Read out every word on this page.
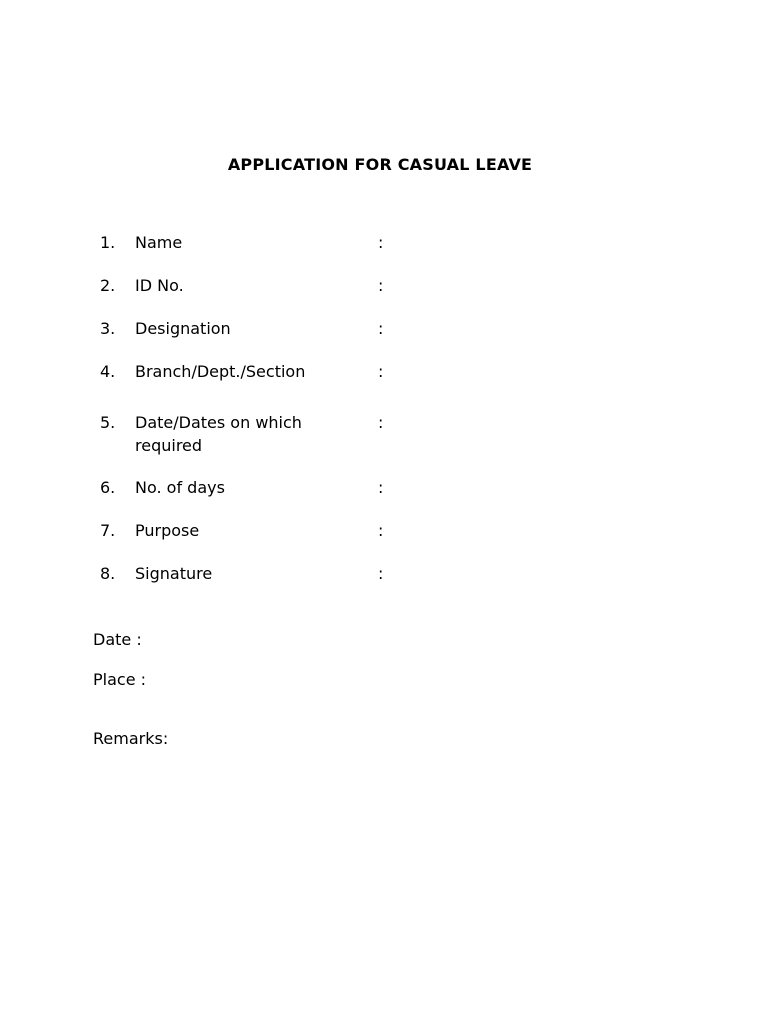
APPLICATION FOR CASUAL LEAVE
1.	Name	:
2.	ID No.	:
3.	Designation	:
4.	Branch/Dept./Section	:
5.	Date/Dates on which required
:
6.	No. of days	:
7.	Purpose	:
8.	Signature	:
Date :
Place :
Remarks:
